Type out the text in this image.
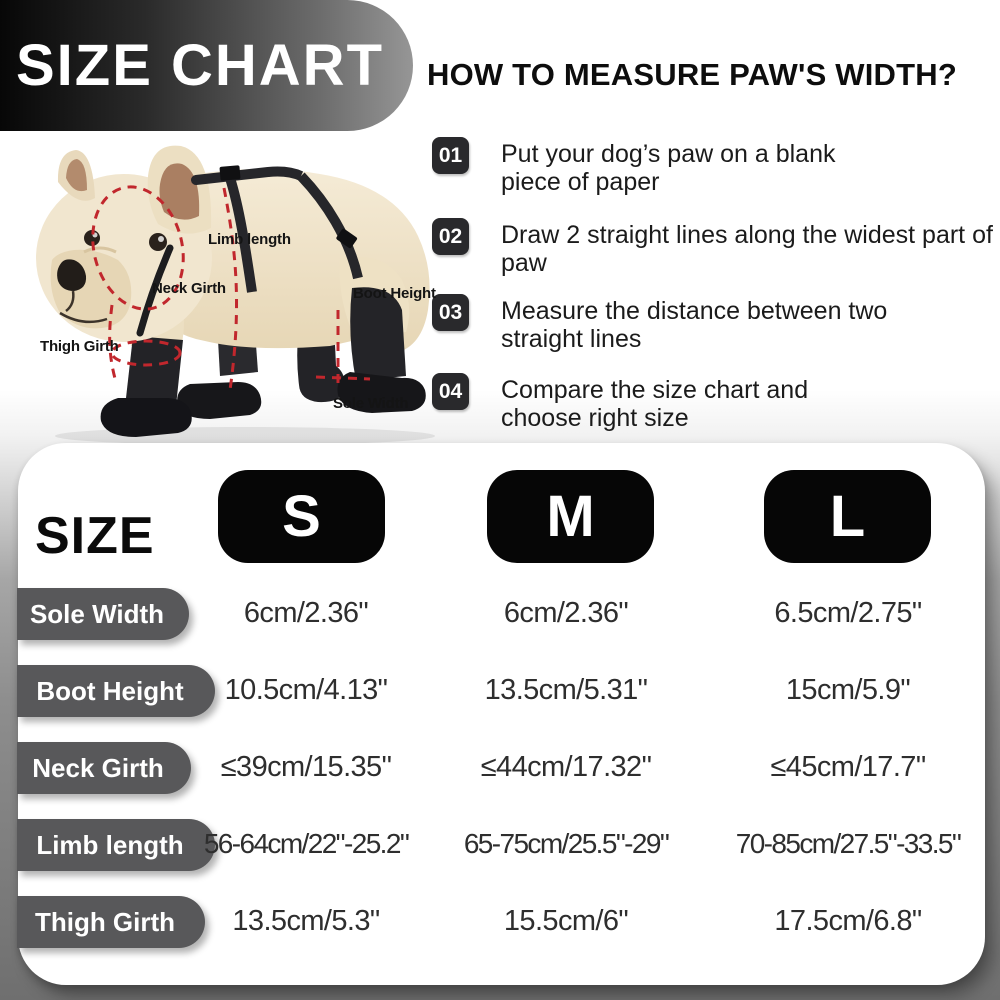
SIZE CHART HOW TO MEASURE PAW'S WIDTH?
01 Put your dog’s paw on a blank piece of paper
02 Draw 2 straight lines along the widest part of paw
03 Measure the distance between two straight lines
04 Compare the size chart and choose right size
Limb length
Neck Girth
Thigh Girth
Boot Height
Sole Width
SIZE	S	M	L
Sole Width	6cm/2.36"	6cm/2.36"	6.5cm/2.75"
Boot Height	10.5cm/4.13"	13.5cm/5.31"	15cm/5.9"
Neck Girth	≤39cm/15.35"	≤44cm/17.32"	≤45cm/17.7"
Limb length 56-64cm/22"-25.2"	65-75cm/25.5"-29"	70-85cm/27.5"-33.5"
Thigh Girth	13.5cm/5.3"	15.5cm/6"	17.5cm/6.8"
